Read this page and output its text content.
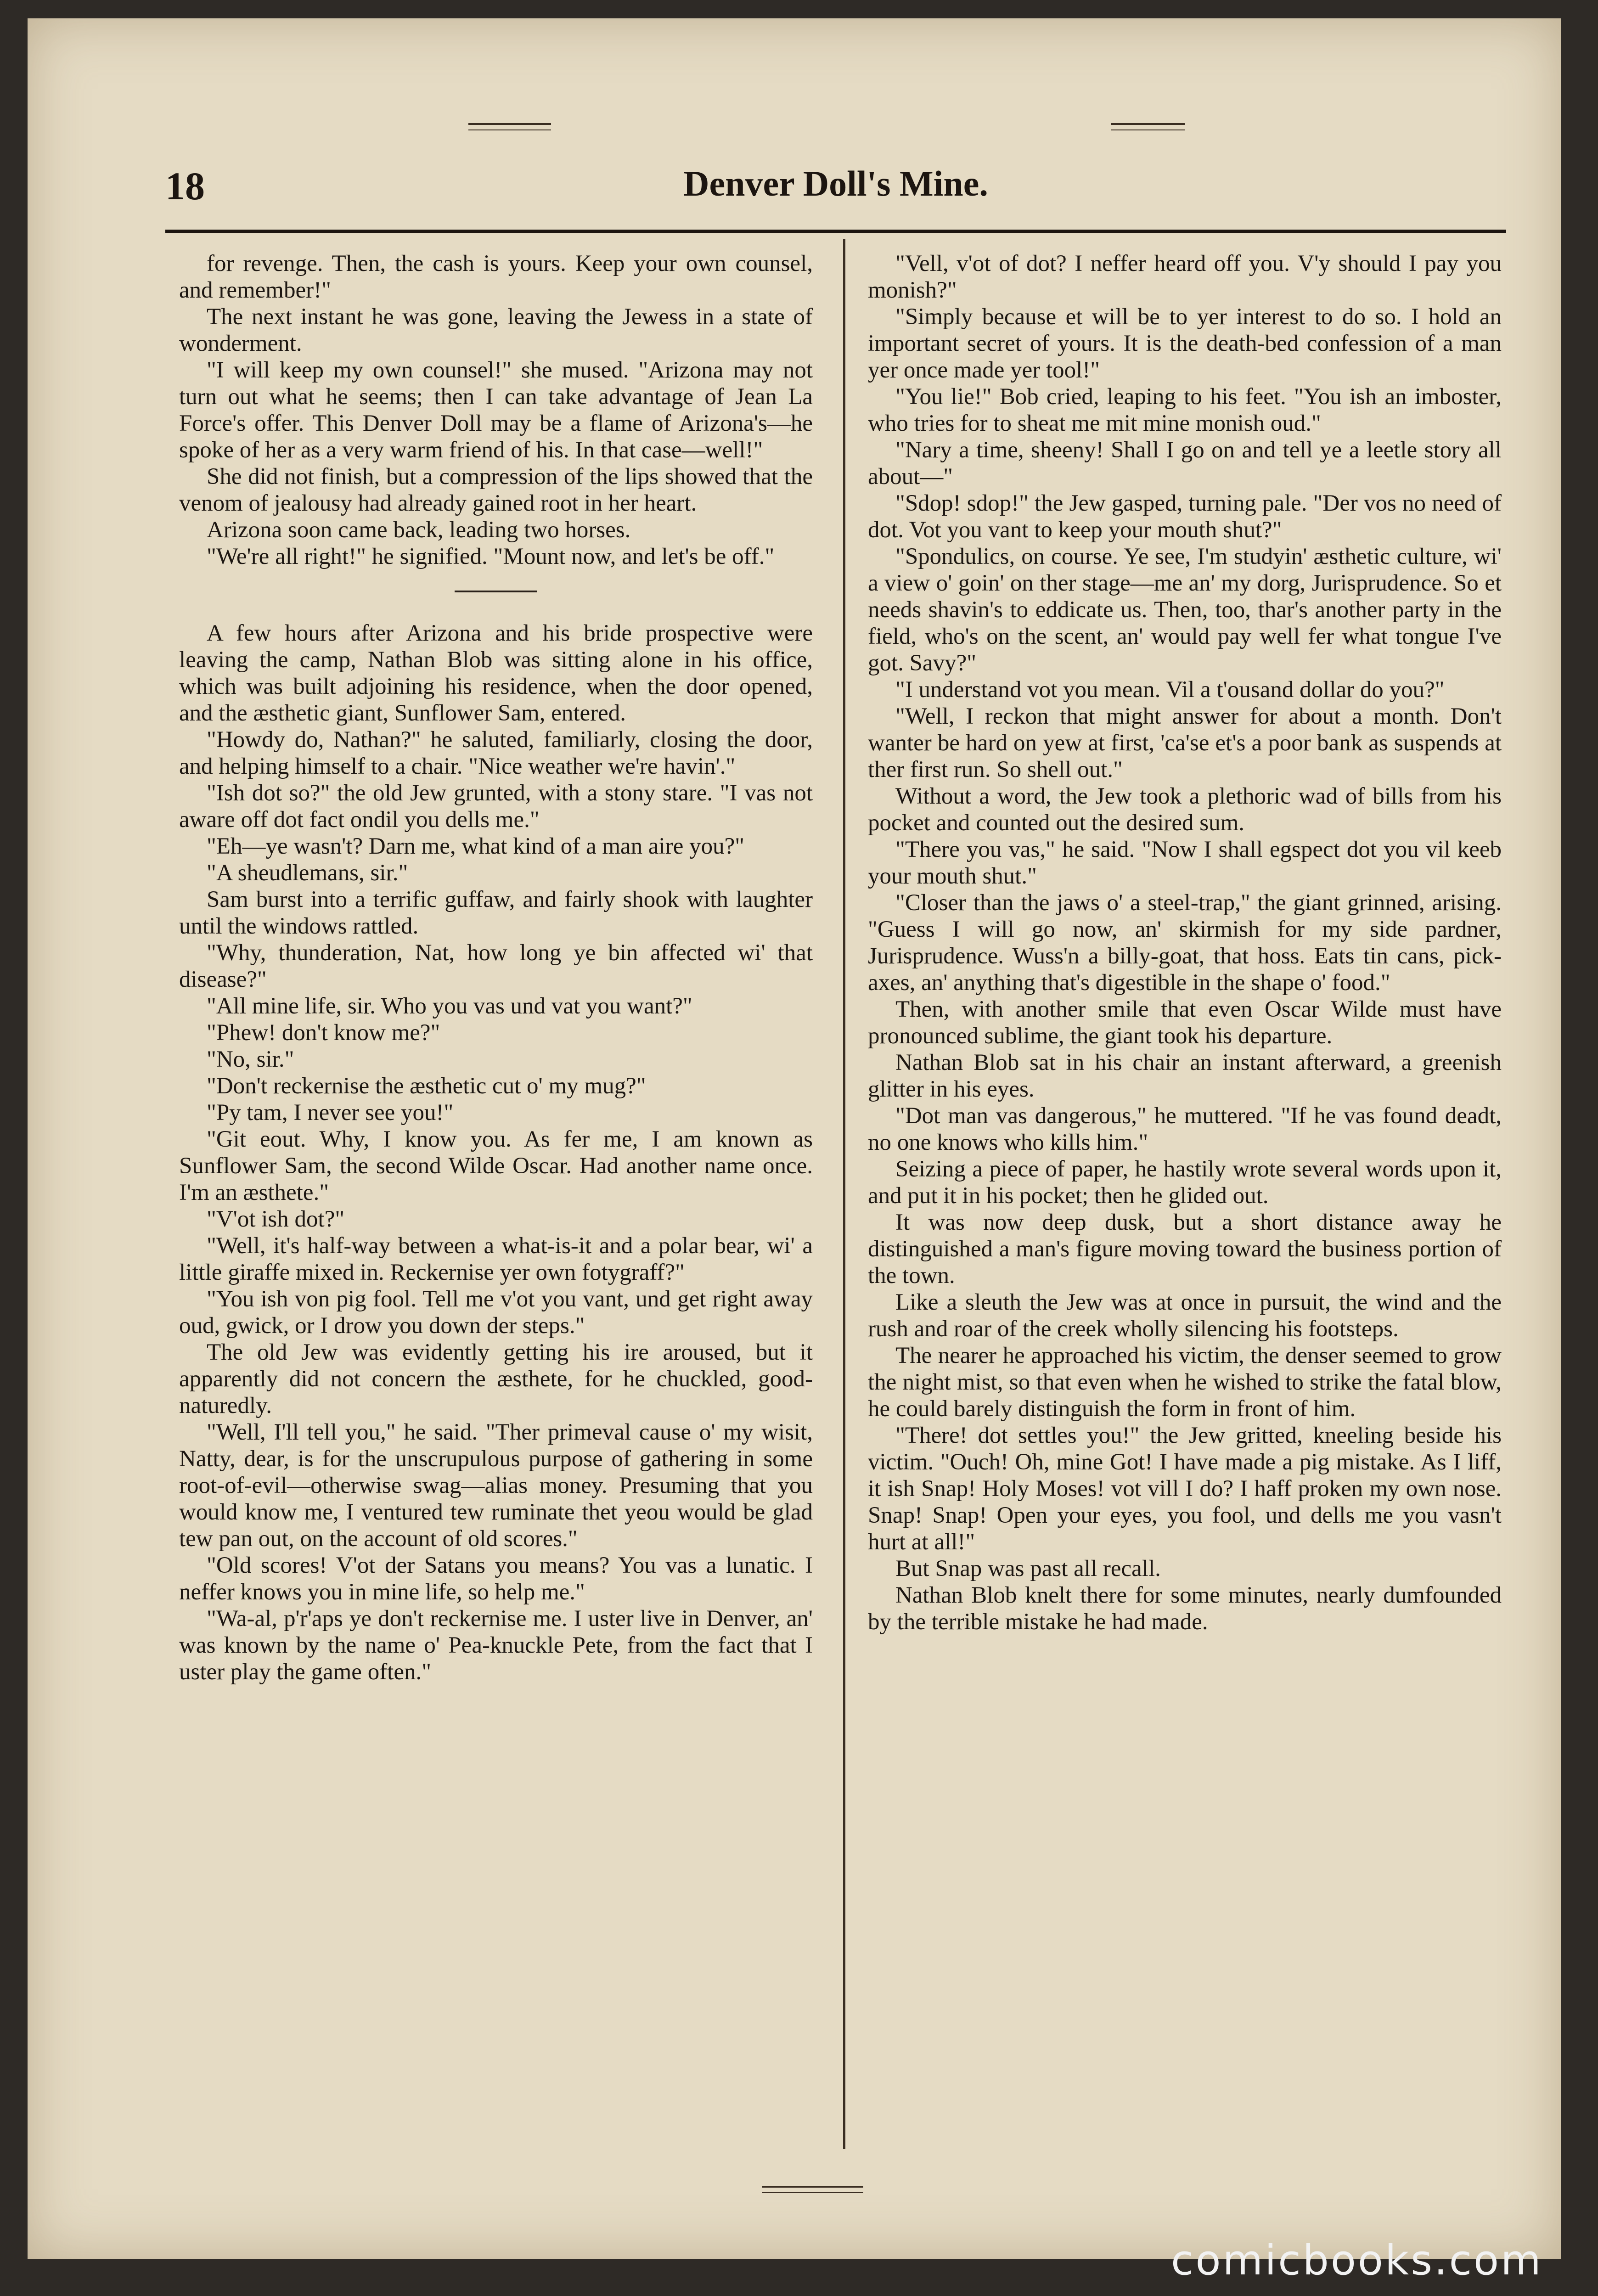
18	Denver Doll's Mine.

for revenge. Then, the cash is yours. Keep your own counsel, and remember!"

The next instant he was gone, leaving the Jewess in a state of wonderment.

"I will keep my own counsel!" she mused. "Arizona may not turn out what he seems; then I can take advantage of Jean La Force's offer. This Denver Doll may be a flame of Arizona's—he spoke of her as a very warm friend of his. In that case—well!"

She did not finish, but a compression of the lips showed that the venom of jealousy had already gained root in her heart.

Arizona soon came back, leading two horses.

"We're all right!" he signified. "Mount now, and let's be off."

A few hours after Arizona and his bride prospective were leaving the camp, Nathan Blob was sitting alone in his office, which was built adjoining his residence, when the door opened, and the æsthetic giant, Sunflower Sam, entered.

"Howdy do, Nathan?" he saluted, familiarly, closing the door, and helping himself to a chair. "Nice weather we're havin'."

"Ish dot so?" the old Jew grunted, with a stony stare. "I vas not aware off dot fact ondil you dells me."

"Eh—ye wasn't? Darn me, what kind of a man aire you?"

"A sheudlemans, sir."

Sam burst into a terrific guffaw, and fairly shook with laughter until the windows rattled.

"Why, thunderation, Nat, how long ye bin affected wi' that disease?"

"All mine life, sir. Who you vas und vat you want?"

"Phew! don't know me?"

"No, sir."

"Don't reckernise the æsthetic cut o' my mug?"

"Py tam, I never see you!"

"Git eout. Why, I know you. As fer me, I am known as Sunflower Sam, the second Wilde Oscar. Had another name once. I'm an æsthete."

"V'ot ish dot?"

"Well, it's half-way between a what-is-it and a polar bear, wi' a little giraffe mixed in. Reckernise yer own fotygraff?"

"You ish von pig fool. Tell me v'ot you vant, und get right away oud, gwick, or I drow you down der steps."

The old Jew was evidently getting his ire aroused, but it apparently did not concern the æsthete, for he chuckled, good-naturedly.

"Well, I'll tell you," he said. "Ther primeval cause o' my wisit, Natty, dear, is for the unscrupulous purpose of gathering in some root-of-evil—otherwise swag—alias money. Presuming that you would know me, I ventured tew ruminate thet yeou would be glad tew pan out, on the account of old scores."

"Old scores! V'ot der Satans you means? You vas a lunatic. I neffer knows you in mine life, so help me."

"Wa-al, p'r'aps ye don't reckernise me. I uster live in Denver, an' was known by the name o' Pea-knuckle Pete, from the fact that I uster play the game often."

"Vell, v'ot of dot? I neffer heard off you. V'y should I pay you monish?"

"Simply because et will be to yer interest to do so. I hold an important secret of yours. It is the death-bed confession of a man yer once made yer tool!"

"You lie!" Bob cried, leaping to his feet. "You ish an imboster, who tries for to sheat me mit mine monish oud."

"Nary a time, sheeny! Shall I go on and tell ye a leetle story all about—"

"Sdop! sdop!" the Jew gasped, turning pale. "Der vos no need of dot. Vot you vant to keep your mouth shut?"

"Spondulics, on course. Ye see, I'm studyin' æsthetic culture, wi' a view o' goin' on ther stage—me an' my dorg, Jurisprudence. So et needs shavin's to eddicate us. Then, too, thar's another party in the field, who's on the scent, an' would pay well fer what tongue I've got. Savy?"

"I understand vot you mean. Vil a t'ousand dollar do you?"

"Well, I reckon that might answer for about a month. Don't wanter be hard on yew at first, 'ca'se et's a poor bank as suspends at ther first run. So shell out."

Without a word, the Jew took a plethoric wad of bills from his pocket and counted out the desired sum.

"There you vas," he said. "Now I shall egspect dot you vil keeb your mouth shut."

"Closer than the jaws o' a steel-trap," the giant grinned, arising. "Guess I will go now, an' skirmish for my side pardner, Jurisprudence. Wuss'n a billy-goat, that hoss. Eats tin cans, pick-axes, an' anything that's digestible in the shape o' food."

Then, with another smile that even Oscar Wilde must have pronounced sublime, the giant took his departure.

Nathan Blob sat in his chair an instant afterward, a greenish glitter in his eyes.

"Dot man vas dangerous," he muttered. "If he vas found deadt, no one knows who kills him."

Seizing a piece of paper, he hastily wrote several words upon it, and put it in his pocket; then he glided out.

It was now deep dusk, but a short distance away he distinguished a man's figure moving toward the business portion of the town.

Like a sleuth the Jew was at once in pursuit, the wind and the rush and roar of the creek wholly silencing his footsteps.

The nearer he approached his victim, the denser seemed to grow the night mist, so that even when he wished to strike the fatal blow, he could barely distinguish the form in front of him.

"There! dot settles you!" the Jew gritted, kneeling beside his victim. "Ouch! Oh, mine Got! I have made a pig mistake. As I liff, it ish Snap! Holy Moses! vot vill I do? I haff proken my own nose. Snap! Snap! Open your eyes, you fool, und dells me you vasn't hurt at all!"

But Snap was past all recall.

Nathan Blob knelt there for some minutes, nearly dumfounded by the terrible mistake he had made.

comicbooks.com
